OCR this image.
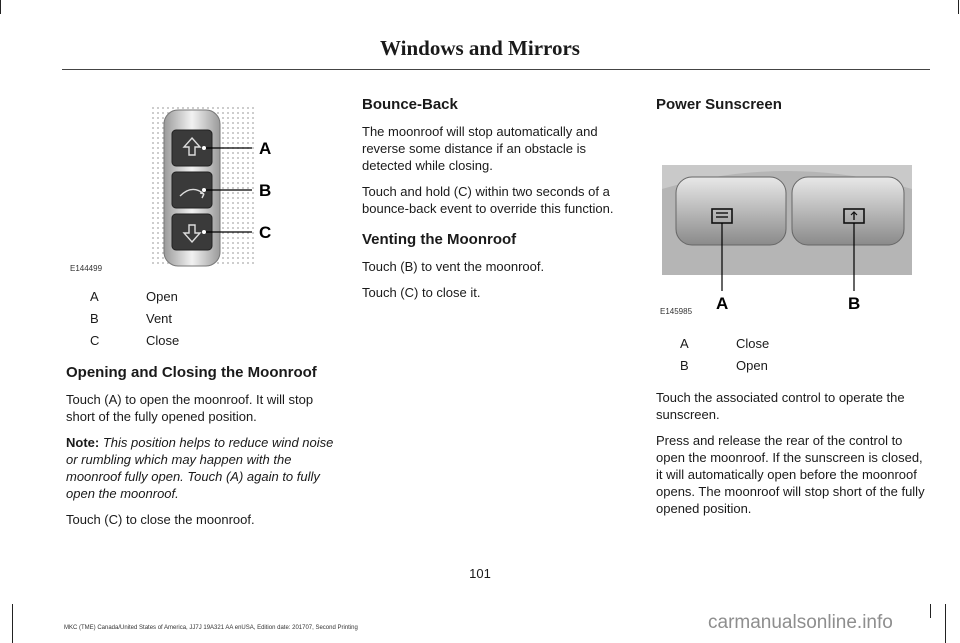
Windows and Mirrors
A
B
C
E144499
A	Open
B	Vent
C	Close
Opening and Closing the Moonroof

Touch (A) to open the moonroof. It will stop short of the fully opened position.

Note: This position helps to reduce wind noise or rumbling which may happen with the moonroof fully open. Touch (A) again to fully open the moonroof.

Touch (C) to close the moonroof.

Bounce-Back

The moonroof will stop automatically and reverse some distance if an obstacle is detected while closing.

Touch and hold (C) within two seconds of a bounce-back event to override this function.

Venting the Moonroof

Touch (B) to vent the moonroof.

Touch (C) to close it.

Power Sunscreen
A	B
E145985
A	Close
B	Open

Touch the associated control to operate the sunscreen.

Press and release the rear of the control to open the moonroof. If the sunscreen is closed, it will automatically open before the moonroof opens. The moonroof will stop short of the fully opened position.

101
MKC (TME) Canada/United States of America, JJ7J 19A321 AA enUSA, Edition date: 201707, Second Printing	carmanualsonline.info
